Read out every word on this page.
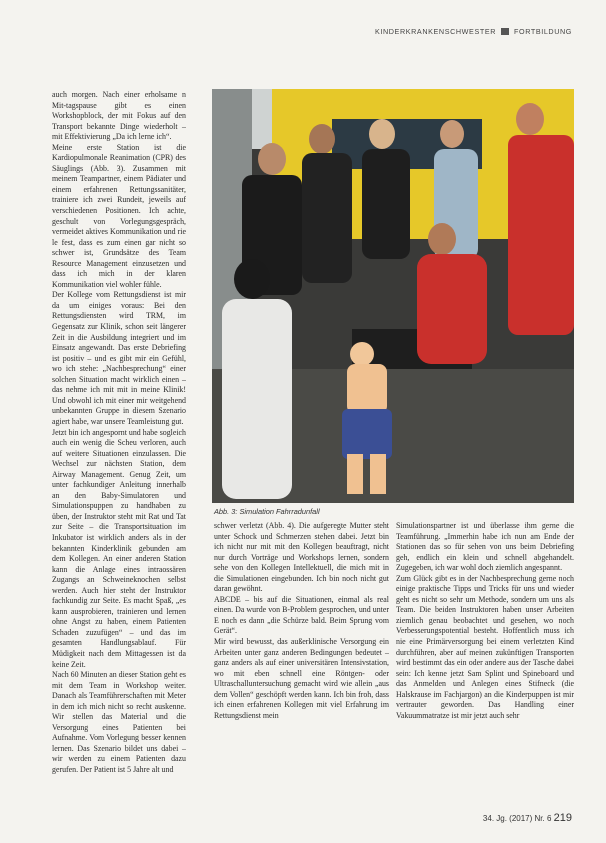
KINDERKRANKENSCHWESTER	FORTBILDUNG

auch morgen. Nach einer erholsame n Mit-tagspause gibt es einen Workshopblock, der mit Fokus auf den Transport bekannte Dinge wiederholt – mit Effektivierung „Da ich lerne ich“.

Meine erste Station ist die Kardiopulmonale Reanimation (CPR) des Säuglings (Abb. 3). Zusammen mit meinem Teampartner, einem Pädiater und einem erfahrenen Rettungssanitäter, trainiere ich zwei Rundeit, jeweils auf verschiedenen Positionen. Ich achte, geschult von Vorlegungsgespräch, vermeidet aktives Kommunikation und rie le fest, dass es zum einen gar nicht so schwer ist, Grundsätze des Team Resource Management einzusetzen und dass ich mich in der klaren Kommunikation viel wohler fühle.

Der Kollege vom Rettungsdienst ist mir da um einiges voraus: Bei den Rettungsdiensten wird TRM, im Gegensatz zur Klinik, schon seit längerer Zeit in die Ausbildung integriert und im Einsatz angewandt. Das erste Debriefing ist positiv – und es gibt mir ein Gefühl, wo ich stehe: „Nachbesprechung“ einer solchen Situation macht wirklich einen – das nehme ich mit mit in meine Klinik! Und obwohl ich mit einer mir weitgehend unbekannten Gruppe in diesem Szenario agiert habe, war unsere Teamleistung gut.

Jetzt bin ich angespornt und habe sogleich auch ein wenig die Scheu verloren, auch auf weitere Situationen einzulassen. Die Wechsel zur nächsten Station, dem Airway Management. Genug Zeit, um unter fachkundiger Anleitung innerhalb an den Baby-Simulatoren und Simulationspuppen zu handhaben zu üben, der Instruktor steht mit Rat und Tat zur Seite – die Transportsituation im Inkubator ist wirklich anders als in der bekannten Kinderklinik gebunden am dem Kollegen. An einer anderen Station kann die Anlage eines intraossären Zugangs an Schweineknochen selbst werden. Auch hier steht der Instruktor fachkundig zur Seite. Es macht Spaß, „es kann ausprobieren, trainieren und lernen ohne Angst zu haben, einem Patienten Schaden zuzufügen“ – und das im gesamten Handlungsablauf. Für Müdigkeit nach dem Mittagessen ist da keine Zeit.

Nach 60 Minuten an dieser Station geht es mit dem Team in Workshop weiter. Danach als Teamführerschaften mit Meter in dem ich mich nicht so recht auskenne. Wir stellen das Material und die Versorgung eines Patienten bei Aufnahme. Vom Vorlegung besser kennen lernen. Das Szenario bildet uns dabei – wir werden zu einem Patienten dazu gerufen. Der Patient ist 5 Jahre alt und

Abb. 3: Simulation Fahrradunfall

schwer verletzt (Abb. 4). Die aufgeregte Mutter steht unter Schock und Schmerzen stehen dabei. Jetzt bin ich nicht nur mit mit den Kollegen beauftragt, nicht nur durch Vorträge und Workshops lernen, sondern sehe von den Kollegen Intellektuell, die mich mit in die Simulationen eingebunden. Ich bin noch nicht gut daran gewöhnt.

ABCDE – bis auf die Situationen, einmal als real einen. Da wurde von B-Problem gesprochen, und unter E noch es dann „die Schürze bald. Beim Sprung vom Gerät“.

Mir wird bewusst, das außerklinische Versorgung ein Arbeiten unter ganz anderen Bedingungen bedeutet – ganz anders als auf einer universitären Intensivstation, wo mit eben schnell eine Röntgen- oder Ultraschalluntersuchung gemacht wird wie allein „aus dem Vollen“ geschöpft werden kann. Ich bin froh, dass ich einen erfahrenen Kollegen mit viel Erfahrung im Rettungsdienst mein

Simulationspartner ist und überlasse ihm gerne die Teamführung. „Immerhin habe ich nun am Ende der Stationen das so für sehen von uns beim Debriefing geh, endlich ein klein und schnell abgehandelt. Zugegeben, ich war wohl doch ziemlich angespannt.

Zum Glück gibt es in der Nachbesprechung gerne noch einige praktische Tipps und Tricks für uns und wieder geht es nicht so sehr um Methode, sondern um uns als Team. Die beiden Instruktoren haben unser Arbeiten ziemlich genau beobachtet und gesehen, wo noch Verbesserungspotential besteht. Hoffentlich muss ich nie eine Primärversorgung bei einem verletzten Kind durchführen, aber auf meinen zukünftigen Transporten wird bestimmt das ein oder andere aus der Tasche dabei sein: Ich kenne jetzt Sam Splint und Spineboard und das Anmelden und Anlegen eines Stifneck (die Halskrause im Fachjargon) an die Kinderpuppen ist mir vertrauter geworden. Das Handling einer Vakuummatratze ist mir jetzt auch sehr

34. Jg. (2017) Nr. 6 219
